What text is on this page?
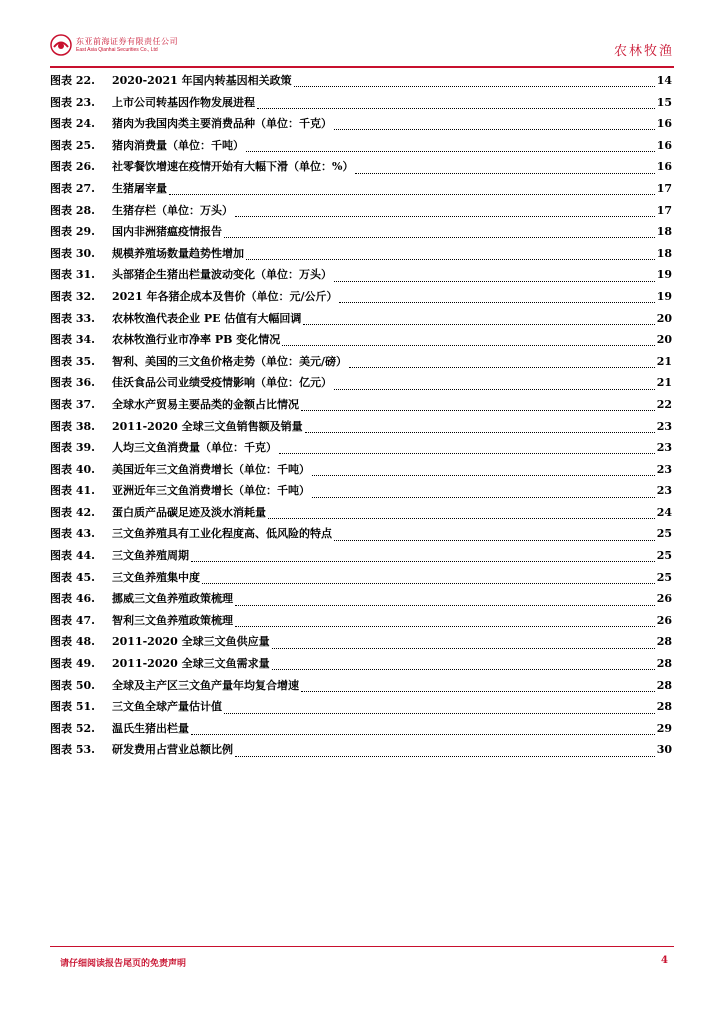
东亚前海证券有限责任公司
East Asia Qianhai Securities Co., Ltd	农林牧渔
图表 22.	2020-2021 年国内转基因相关政策	14
图表 23.	上市公司转基因作物发展进程	15
图表 24.	猪肉为我国肉类主要消费品种（单位：千克）	16
图表 25.	猪肉消费量（单位：千吨）	16
图表 26.	社零餐饮增速在疫情开始有大幅下滑（单位：%）	16
图表 27.	生猪屠宰量	17
图表 28.	生猪存栏（单位：万头）	17
图表 29.	国内非洲猪瘟疫情报告	18
图表 30.	规模养殖场数量趋势性增加	18
图表 31.	头部猪企生猪出栏量波动变化（单位：万头）	19
图表 32.	2021 年各猪企成本及售价（单位：元/公斤）	19
图表 33.	农林牧渔代表企业 PE 估值有大幅回调	20
图表 34.	农林牧渔行业市净率 PB 变化情况	20
图表 35.	智利、美国的三文鱼价格走势（单位：美元/磅）	21
图表 36.	佳沃食品公司业绩受疫情影响（单位：亿元）	21
图表 37.	全球水产贸易主要品类的金额占比情况	22
图表 38.	2011-2020 全球三文鱼销售额及销量	23
图表 39.	人均三文鱼消费量（单位：千克）	23
图表 40.	美国近年三文鱼消费增长（单位：千吨）	23
图表 41.	亚洲近年三文鱼消费增长（单位：千吨）	23
图表 42.	蛋白质产品碳足迹及淡水消耗量	24
图表 43.	三文鱼养殖具有工业化程度高、低风险的特点	25
图表 44.	三文鱼养殖周期	25
图表 45.	三文鱼养殖集中度	25
图表 46.	挪威三文鱼养殖政策梳理	26
图表 47.	智利三文鱼养殖政策梳理	26
图表 48.	2011-2020 全球三文鱼供应量	28
图表 49.	2011-2020 全球三文鱼需求量	28
图表 50.	全球及主产区三文鱼产量年均复合增速	28
图表 51.	三文鱼全球产量估计值	28
图表 52.	温氏生猪出栏量	29
图表 53.	研发费用占营业总额比例	30
请仔细阅读报告尾页的免责声明	4
